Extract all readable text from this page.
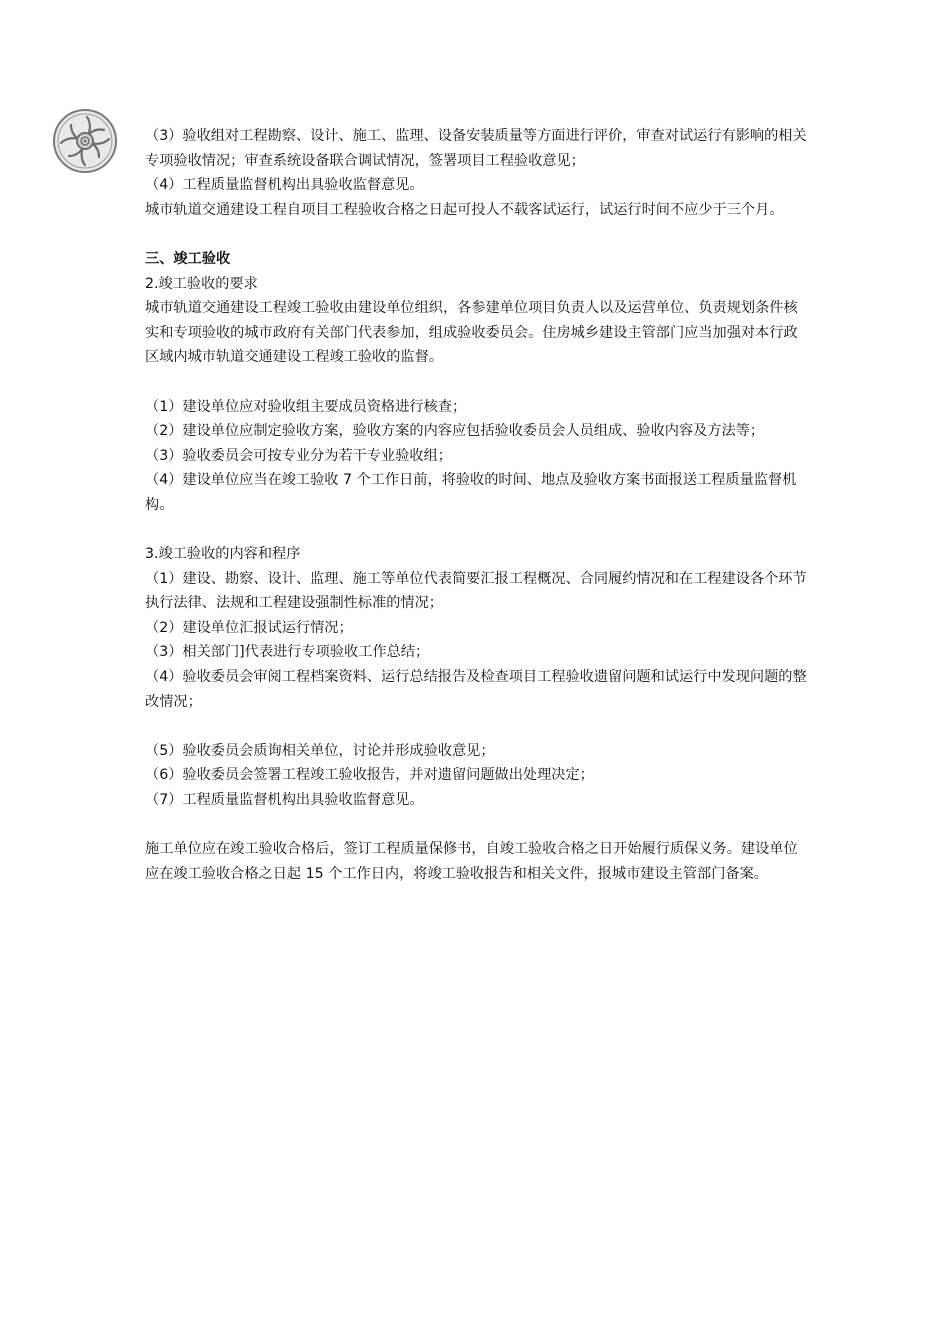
（3）验收组对工程勘察、设计、施工、监理、设备安装质量等方面进行评价，审查对试运行有影响的相关专项验收情况；审查系统设备联合调试情况，签署项目工程验收意见；

（4）工程质量监督机构出具验收监督意见。

城市轨道交通建设工程自项目工程验收合格之日起可投人不载客试运行，试运行时间不应少于三个月。

三、竣工验收

2.竣工验收的要求

城市轨道交通建设工程竣工验收由建设单位组织，各参建单位项目负责人以及运营单位、负责规划条件核实和专项验收的城市政府有关部门代表参加，组成验收委员会。住房城乡建设主管部门应当加强对本行政区域内城市轨道交通建设工程竣工验收的监督。

（1）建设单位应对验收组主要成员资格进行核查；

（2）建设单位应制定验收方案，验收方案的内容应包括验收委员会人员组成、验收内容及方法等；

（3）验收委员会可按专业分为若干专业验收组；

（4）建设单位应当在竣工验收 7 个工作日前，将验收的时间、地点及验收方案书面报送工程质量监督机构。

3.竣工验收的内容和程序

（1）建设、勘察、设计、监理、施工等单位代表简要汇报工程概况、合同履约情况和在工程建设各个环节执行法律、法规和工程建设强制性标准的情况；

（2）建设单位汇报试运行情况；

（3）相关部门]代表进行专项验收工作总结；

（4）验收委员会审阅工程档案资料、运行总结报告及检查项目工程验收遗留问题和试运行中发现问题的整改情况；

（5）验收委员会质询相关单位，讨论并形成验收意见；

（6）验收委员会签署工程竣工验收报告，并对遗留问题做出处理决定；

（7）工程质量监督机构出具验收监督意见。

施工单位应在竣工验收合格后，签订工程质量保修书，自竣工验收合格之日开始履行质保义务。建设单位应在竣工验收合格之日起 15 个工作日内，将竣工验收报告和相关文件，报城市建设主管部门备案。
